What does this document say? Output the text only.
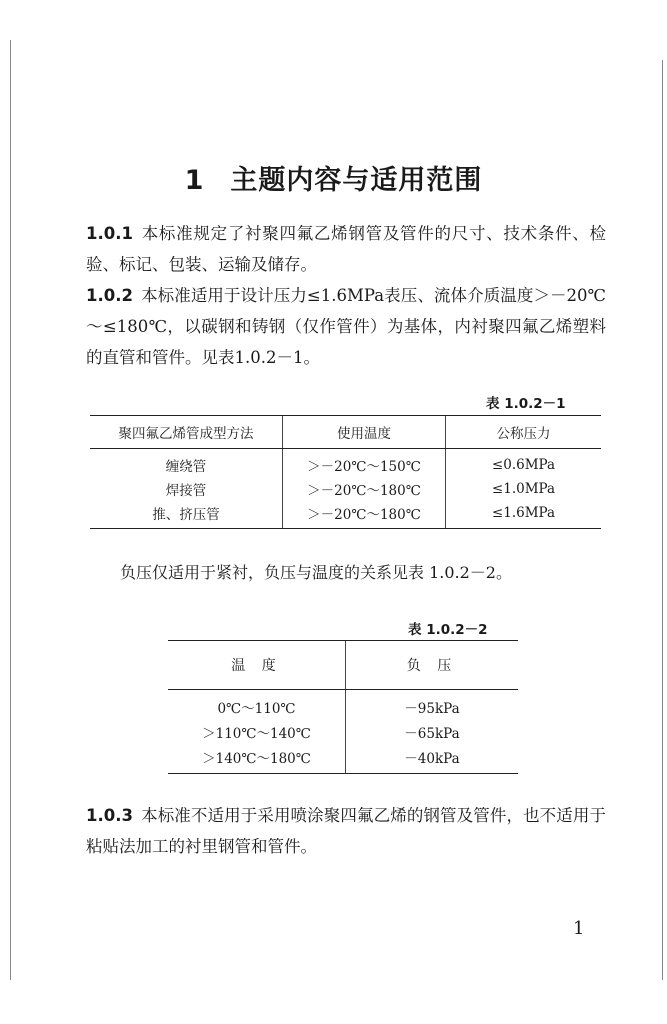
1 主题内容与适用范围
1.0.1 本标准规定了衬聚四氟乙烯钢管及管件的尺寸、技术条件、检验、标记、包装、运输及储存。
1.0.2 本标准适用于设计压力≤1.6MPa表压、流体介质温度＞－20℃～≤180℃，以碳钢和铸钢（仅作管件）为基体，内衬聚四氟乙烯塑料的直管和管件。见表1.0.2－1。
表 1.0.2－1
聚四氟乙烯管成型方法	使用温度	公称压力
缠绕管	＞－20℃～150℃	≤0.6MPa
焊接管	＞－20℃～180℃	≤1.0MPa
推、挤压管	＞－20℃～180℃	≤1.6MPa
负压仅适用于紧衬，负压与温度的关系见表 1.0.2－2。
表 1.0.2－2
温 度	负 压
0℃～110℃	－95kPa
＞110℃～140℃	－65kPa
＞140℃～180℃	－40kPa
1.0.3 本标准不适用于采用喷涂聚四氟乙烯的钢管及管件，也不适用于粘贴法加工的衬里钢管和管件。
1
